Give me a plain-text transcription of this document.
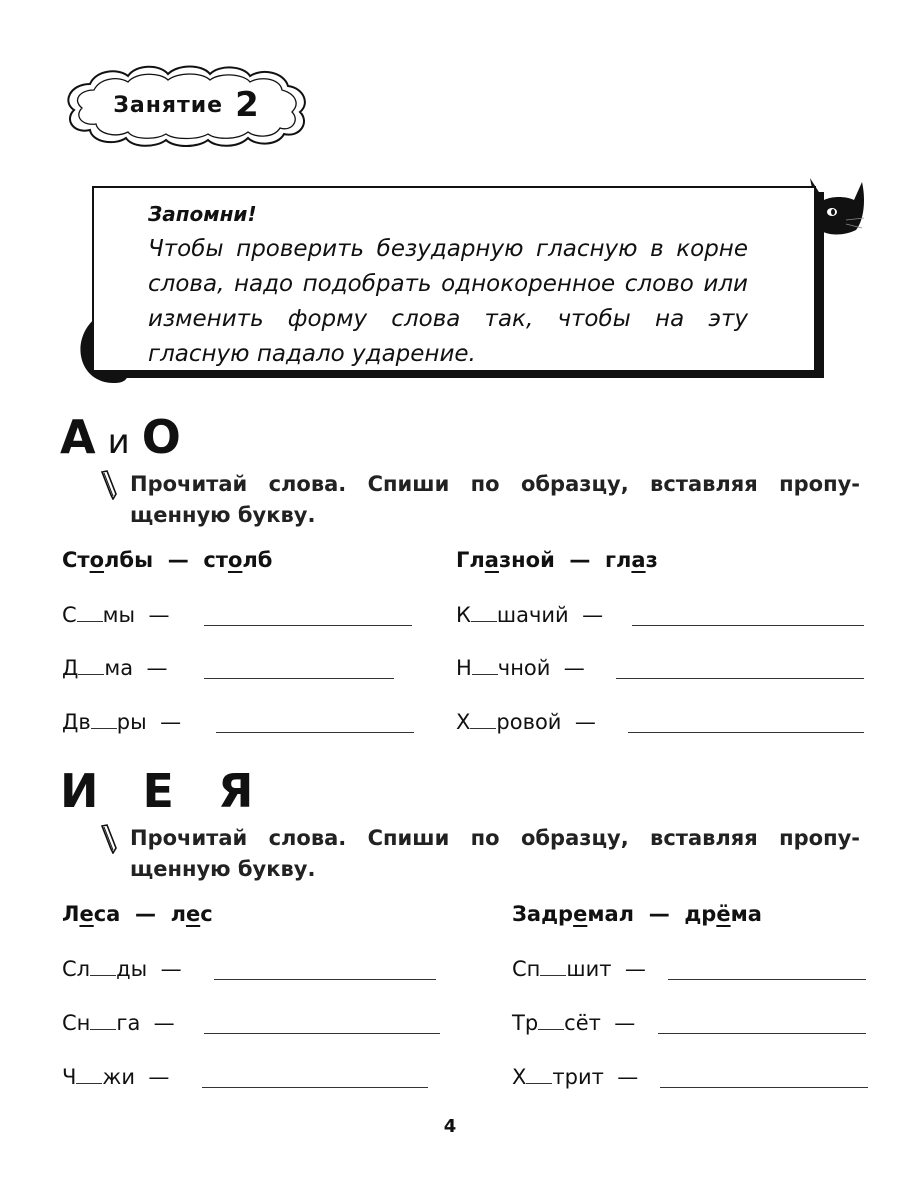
Занятие 2
Запомни!
Чтобы проверить безударную гласную в корне слова, надо подобрать однокоренное слово или изменить форму слова так, чтобы на эту гласную падало ударение.
А и О
Прочитай слова. Спиши по образцу, вставляя пропу-щенную букву.
Столбы — столб	Глазной — глаз
С мы —
Д ма —
Дв ры —
К шачий —
Н чной —
Х ровой —
И Е Я
Прочитай слова. Спиши по образцу, вставляя пропу-щенную букву.
Леса — лес	Задремал — дрёма
Сл ды —
Сн га —
Ч жи —
Сп шит —
Тр сёт —
Х трит —
4
